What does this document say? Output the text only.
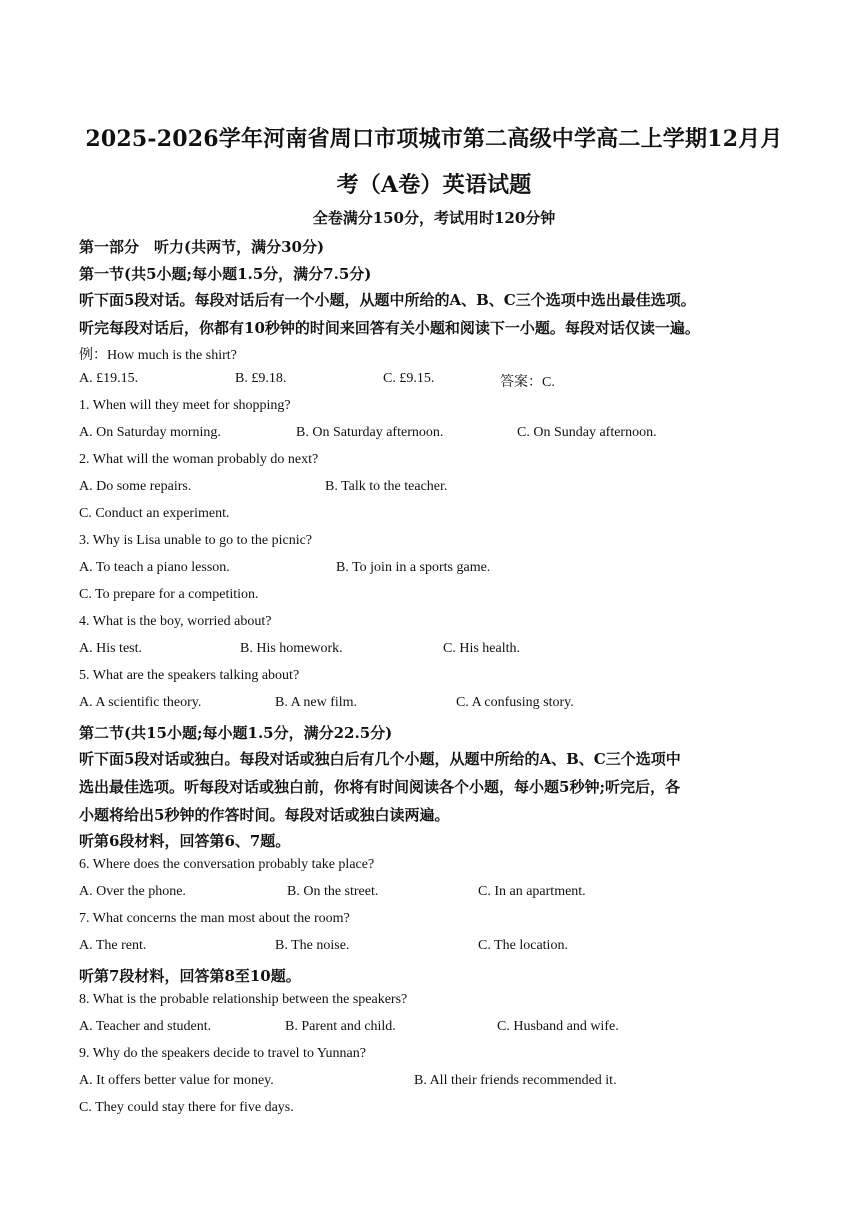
2025-2026学年河南省周口市项城市第二高级中学高二上学期12月月
考（A卷）英语试题
全卷满分150分，考试用时120分钟
第一部分　听力(共两节，满分30分)
第一节(共5小题;每小题1.5分，满分7.5分)
听下面5段对话。每段对话后有一个小题，从题中所给的A、B、C三个选项中选出最佳选项。
听完每段对话后，你都有10秒钟的时间来回答有关小题和阅读下一小题。每段对话仅读一遍。
例：How much is the shirt?
A. £19.15.	B. £9.18.	C. £9.15.	答案：C.
1. When will they meet for shopping?
A. On Saturday morning.	B. On Saturday afternoon.	C. On Sunday afternoon.
2. What will the woman probably do next?
A. Do some repairs.	B. Talk to the teacher.
C. Conduct an experiment.
3. Why is Lisa unable to go to the picnic?
A. To teach a piano lesson.	B. To join in a sports game.
C. To prepare for a competition.
4. What is the boy, worried about?
A. His test.	B. His homework.	C. His health.
5. What are the speakers talking about?
A. A scientific theory.	B. A new film.	C. A confusing story.
第二节(共15小题;每小题1.5分，满分22.5分)
听下面5段对话或独白。每段对话或独白后有几个小题，从题中所给的A、B、C三个选项中
选出最佳选项。听每段对话或独白前，你将有时间阅读各个小题，每小题5秒钟;听完后，各
小题将给出5秒钟的作答时间。每段对话或独白读两遍。
听第6段材料，回答第6、7题。
6. Where does the conversation probably take place?
A. Over the phone.	B. On the street.	C. In an apartment.
7. What concerns the man most about the room?
A. The rent.	B. The noise.	C. The location.
听第7段材料，回答第8至10题。
8. What is the probable relationship between the speakers?
A. Teacher and student.	B. Parent and child.	C. Husband and wife.
9. Why do the speakers decide to travel to Yunnan?
A. It offers better value for money.	B. All their friends recommended it.
C. They could stay there for five days.
